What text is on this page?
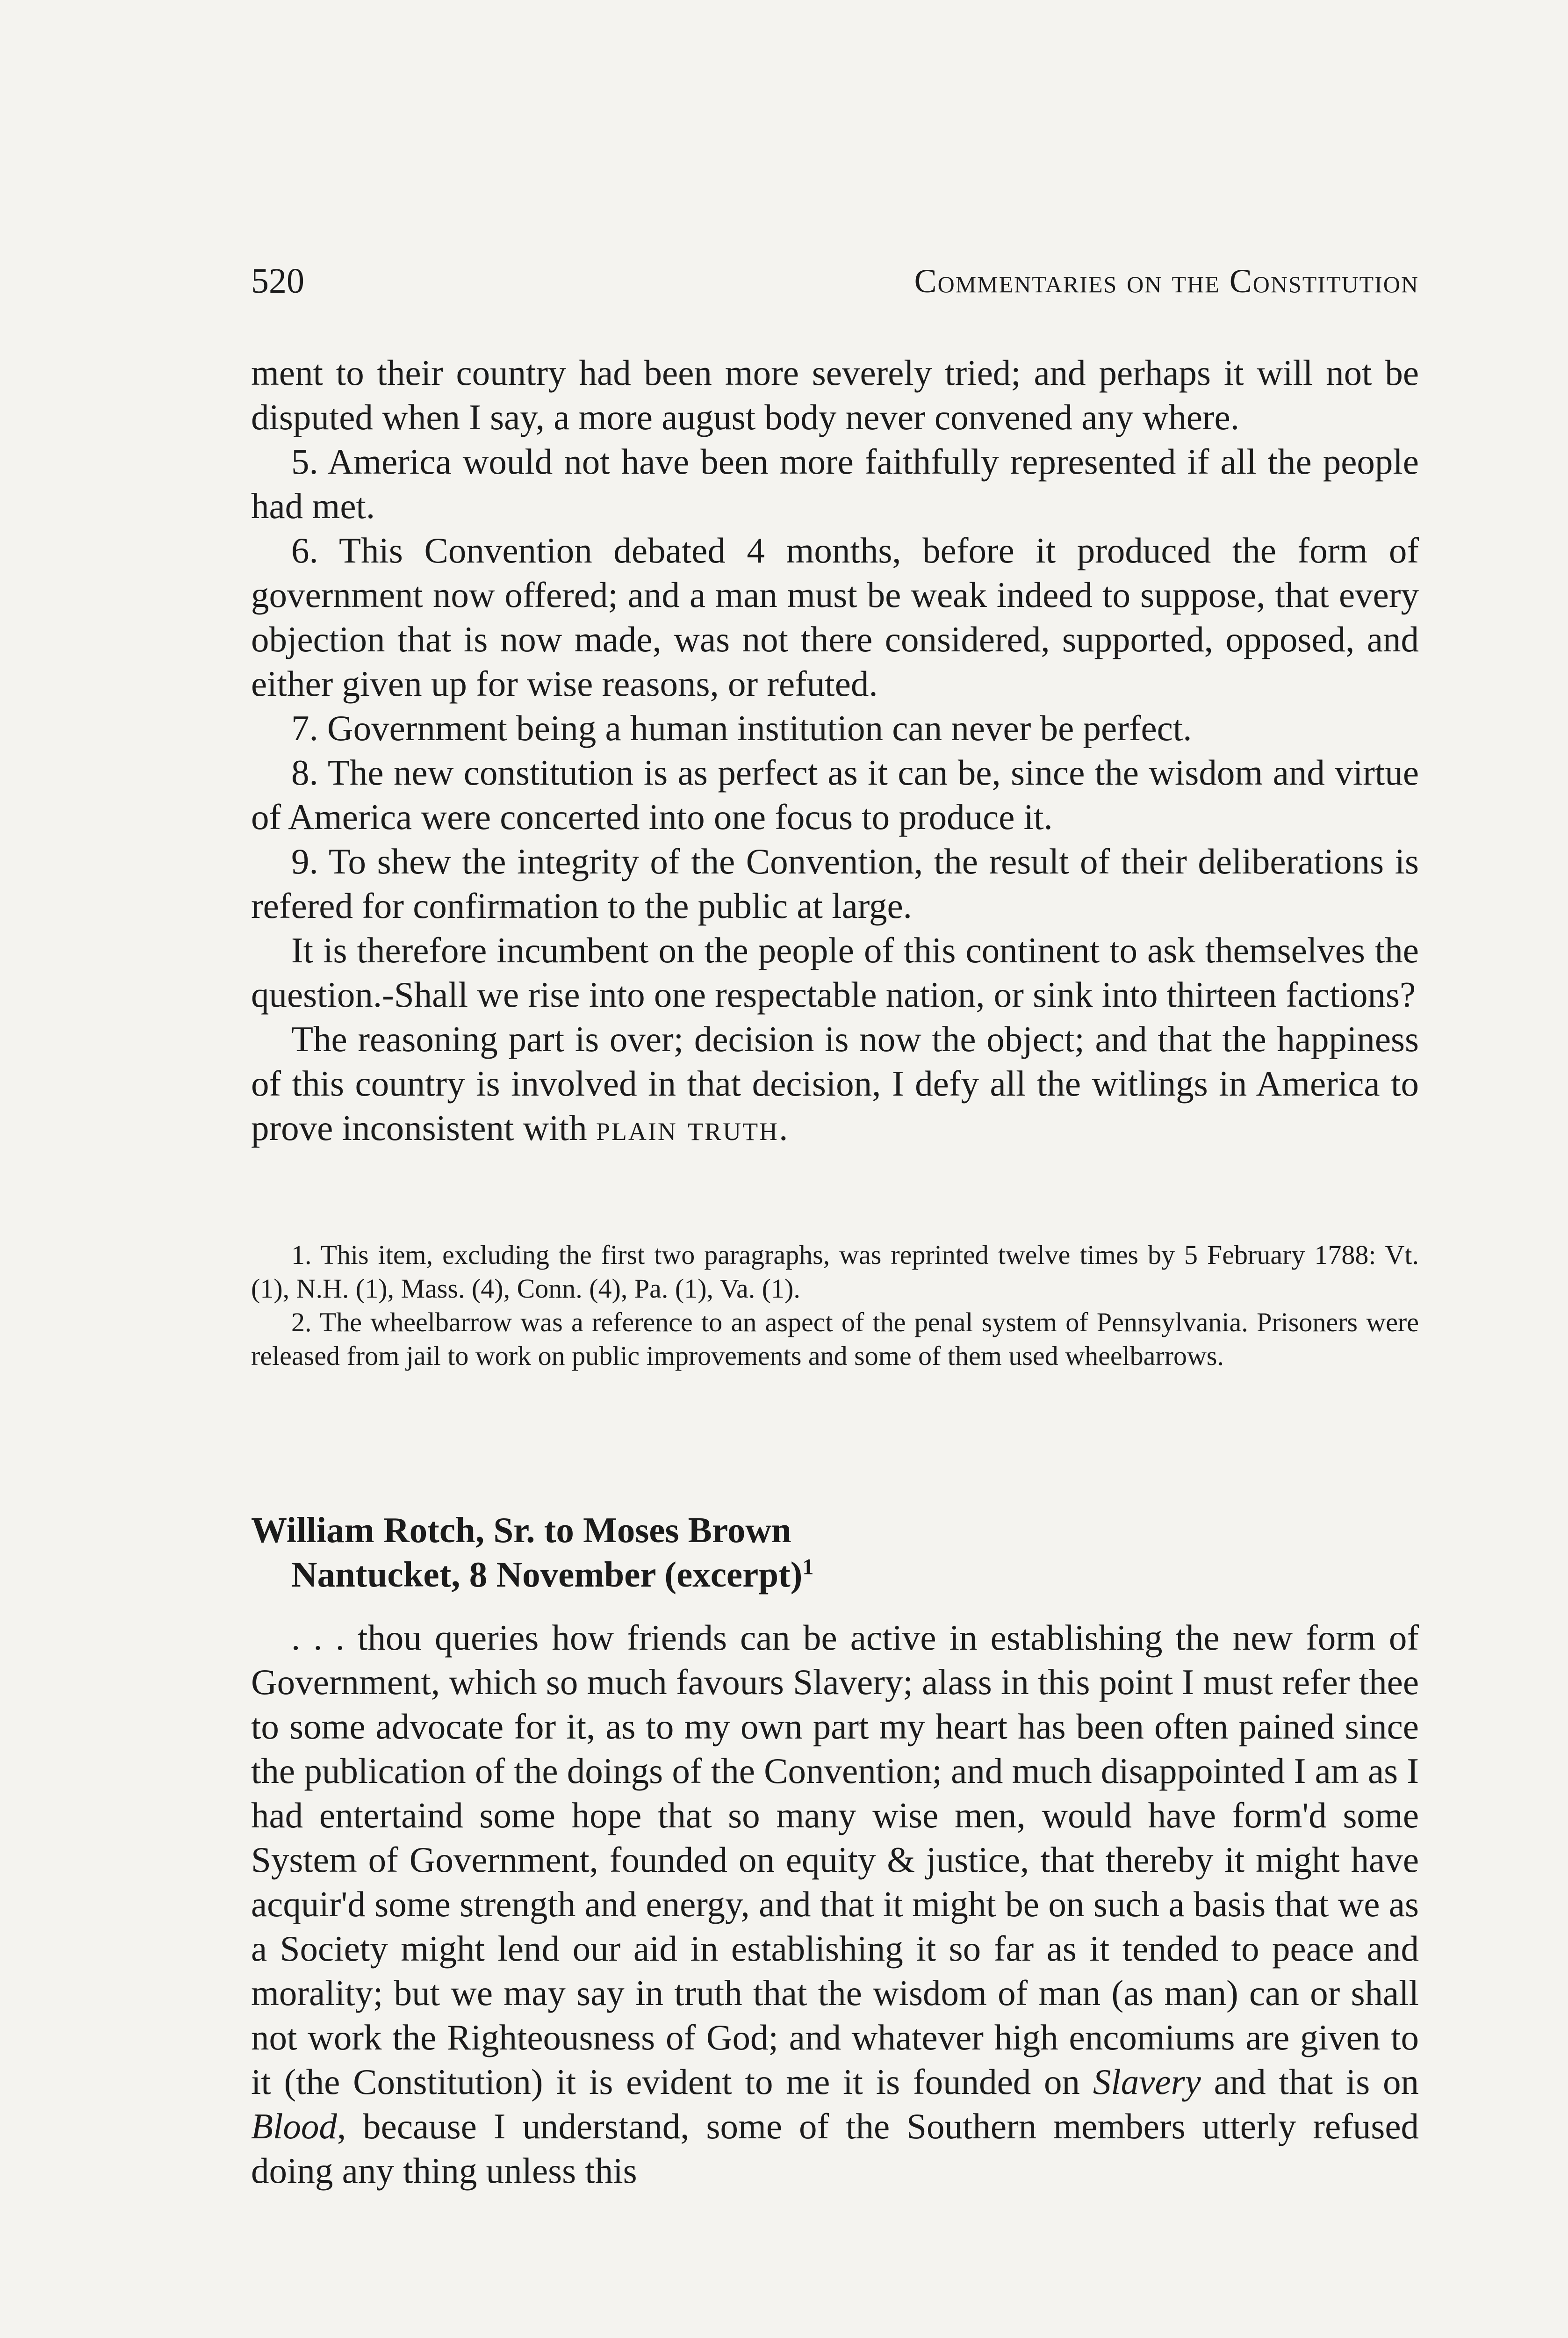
520	Commentaries on the Constitution

ment to their country had been more severely tried; and perhaps it will not be disputed when I say, a more august body never convened any where.

5. America would not have been more faithfully represented if all the people had met.

6. This Convention debated 4 months, before it produced the form of government now offered; and a man must be weak indeed to suppose, that every objection that is now made, was not there considered, supported, opposed, and either given up for wise reasons, or refuted.

7. Government being a human institution can never be perfect.

8. The new constitution is as perfect as it can be, since the wisdom and virtue of America were concerted into one focus to produce it.

9. To shew the integrity of the Convention, the result of their deliberations is refered for confirmation to the public at large.

It is therefore incumbent on the people of this continent to ask themselves the question.-Shall we rise into one respectable nation, or sink into thirteen factions?

The reasoning part is over; decision is now the object; and that the happiness of this country is involved in that decision, I defy all the witlings in America to prove inconsistent with plain truth.

1. This item, excluding the first two paragraphs, was reprinted twelve times by 5 February 1788: Vt. (1), N.H. (1), Mass. (4), Conn. (4), Pa. (1), Va. (1).

2. The wheelbarrow was a reference to an aspect of the penal system of Pennsylvania. Prisoners were released from jail to work on public improvements and some of them used wheelbarrows.

William Rotch, Sr. to Moses Brown
Nantucket, 8 November (excerpt)$^1$

. . . thou queries how friends can be active in establishing the new form of Government, which so much favours Slavery; alass in this point I must refer thee to some advocate for it, as to my own part my heart has been often pained since the publication of the doings of the Convention; and much disappointed I am as I had entertaind some hope that so many wise men, would have form'd some System of Government, founded on equity & justice, that thereby it might have acquir'd some strength and energy, and that it might be on such a basis that we as a Society might lend our aid in establishing it so far as it tended to peace and morality; but we may say in truth that the wisdom of man (as man) can or shall not work the Righteousness of God; and whatever high encomiums are given to it (the Constitution) it is evident to me it is founded on Slavery and that is on Blood, because I understand, some of the Southern members utterly refused doing any thing unless this
